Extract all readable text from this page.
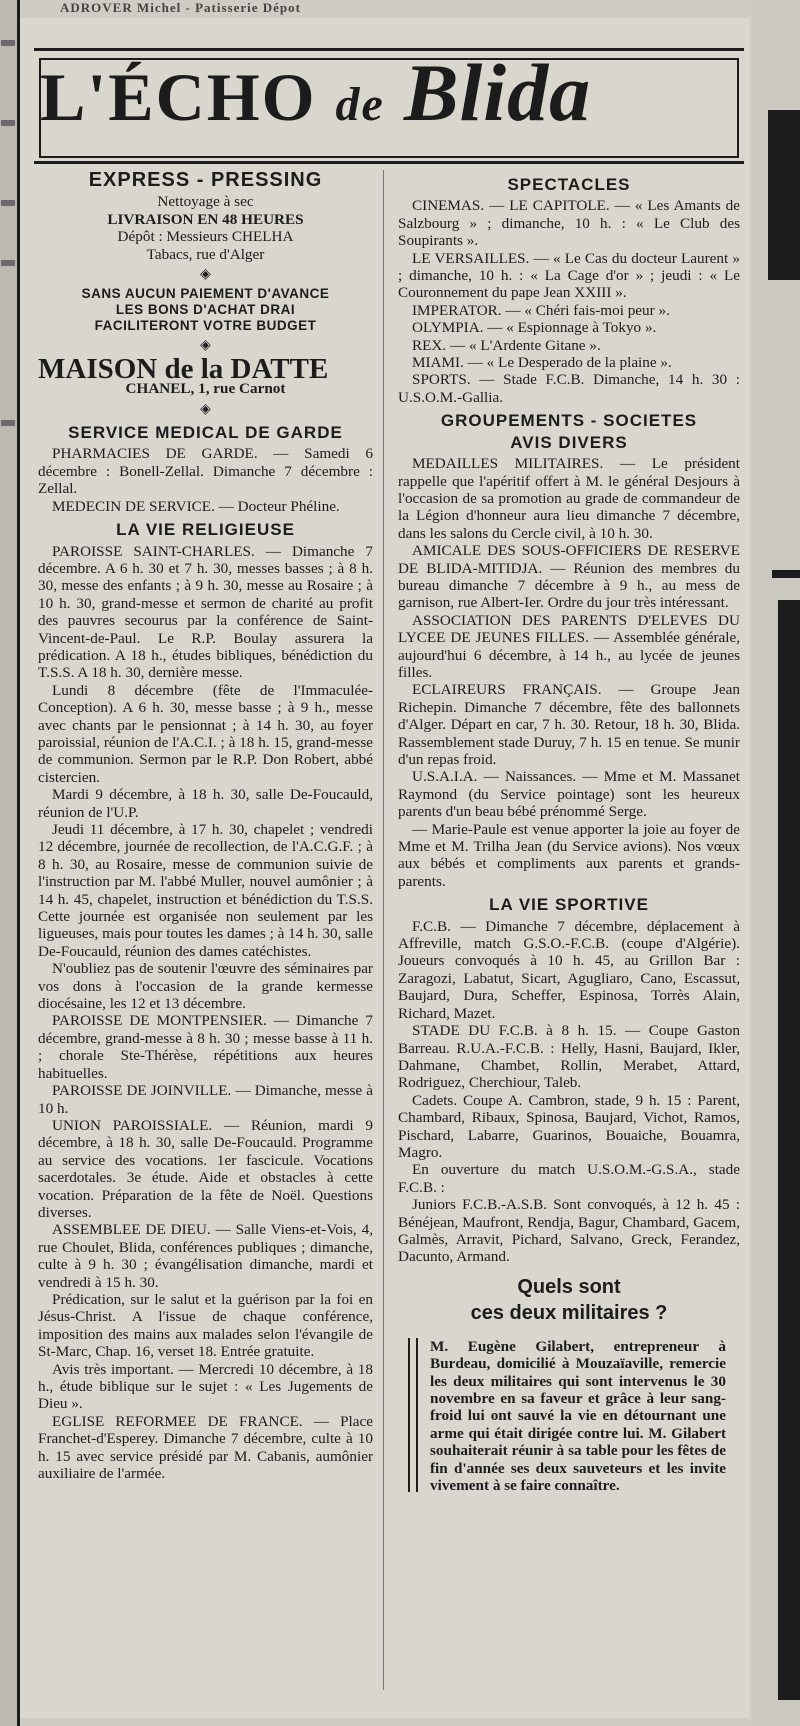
ADROVER Michel - Patisserie Dépot
L'ÉCHO de Blida
EXPRESS - PRESSING
Nettoyage à sec
LIVRAISON EN 48 HEURES
Dépôt : Messieurs CHELHA
Tabacs, rue d'Alger
◈
SANS AUCUN PAIEMENT D'AVANCE
LES BONS D'ACHAT DRAI
FACILITERONT VOTRE BUDGET
◈
MAISON de la DATTE
CHANEL, 1, rue Carnot
◈
SERVICE MEDICAL DE GARDE

PHARMACIES DE GARDE. — Samedi 6 décembre : Bonell-Zellal. Dimanche 7 décembre : Zellal.

MEDECIN DE SERVICE. — Docteur Phéline.

LA VIE RELIGIEUSE

PAROISSE SAINT-CHARLES. — Dimanche 7 décembre. A 6 h. 30 et 7 h. 30, messes basses ; à 8 h. 30, messe des enfants ; à 9 h. 30, messe au Rosaire ; à 10 h. 30, grand-messe et sermon de charité au profit des pauvres secourus par la conférence de Saint-Vincent-de-Paul. Le R.P. Boulay assurera la prédication. A 18 h., études bibliques, bénédiction du T.S.S. A 18 h. 30, dernière messe.

Lundi 8 décembre (fête de l'Immaculée-Conception). A 6 h. 30, messe basse ; à 9 h., messe avec chants par le pensionnat ; à 14 h. 30, au foyer paroissial, réunion de l'A.C.I. ; à 18 h. 15, grand-messe de communion. Sermon par le R.P. Don Robert, abbé cistercien.

Mardi 9 décembre, à 18 h. 30, salle De-Foucauld, réunion de l'U.P.

Jeudi 11 décembre, à 17 h. 30, chapelet ; vendredi 12 décembre, journée de recollection, de l'A.C.G.F. ; à 8 h. 30, au Rosaire, messe de communion suivie de l'instruction par M. l'abbé Muller, nouvel aumônier ; à 14 h. 45, chapelet, instruction et bénédiction du T.S.S. Cette journée est organisée non seulement par les ligueuses, mais pour toutes les dames ; à 14 h. 30, salle De-Foucauld, réunion des dames catéchistes.

N'oubliez pas de soutenir l'œuvre des séminaires par vos dons à l'occasion de la grande kermesse diocésaine, les 12 et 13 décembre.

PAROISSE DE MONTPENSIER. — Dimanche 7 décembre, grand-messe à 8 h. 30 ; messe basse à 11 h. ; chorale Ste-Thérèse, répétitions aux heures habituelles.

PAROISSE DE JOINVILLE. — Dimanche, messe à 10 h.

UNION PAROISSIALE. — Réunion, mardi 9 décembre, à 18 h. 30, salle De-Foucauld. Programme au service des vocations. 1er fascicule. Vocations sacerdotales. 3e étude. Aide et obstacles à cette vocation. Préparation de la fête de Noël. Questions diverses.

ASSEMBLEE DE DIEU. — Salle Viens-et-Vois, 4, rue Choulet, Blida, conférences publiques ; dimanche, culte à 9 h. 30 ; évangélisation dimanche, mardi et vendredi à 15 h. 30.

Prédication, sur le salut et la guérison par la foi en Jésus-Christ. A l'issue de chaque conférence, imposition des mains aux malades selon l'évangile de St-Marc, Chap. 16, verset 18. Entrée gratuite.

Avis très important. — Mercredi 10 décembre, à 18 h., étude biblique sur le sujet : « Les Jugements de Dieu ».

EGLISE REFORMEE DE FRANCE. — Place Franchet-d'Esperey. Dimanche 7 décembre, culte à 10 h. 15 avec service présidé par M. Cabanis, aumônier auxiliaire de l'armée.

SPECTACLES

CINEMAS. — LE CAPITOLE. — « Les Amants de Salzbourg » ; dimanche, 10 h. : « Le Club des Soupirants ».

LE VERSAILLES. — « Le Cas du docteur Laurent » ; dimanche, 10 h. : « La Cage d'or » ; jeudi : « Le Couronnement du pape Jean XXIII ».

IMPERATOR. — « Chéri fais-moi peur ».

OLYMPIA. — « Espionnage à Tokyo ».

REX. — « L'Ardente Gitane ».

MIAMI. — « Le Desperado de la plaine ».

SPORTS. — Stade F.C.B. Dimanche, 14 h. 30 : U.S.O.M.-Gallia.

GROUPEMENTS - SOCIETES
AVIS DIVERS

MEDAILLES MILITAIRES. — Le président rappelle que l'apéritif offert à M. le général Desjours à l'occasion de sa promotion au grade de commandeur de la Légion d'honneur aura lieu dimanche 7 décembre, dans les salons du Cercle civil, à 10 h. 30.

AMICALE DES SOUS-OFFICIERS DE RESERVE DE BLIDA-MITIDJA. — Réunion des membres du bureau dimanche 7 décembre à 9 h., au mess de garnison, rue Albert-Ier. Ordre du jour très intéressant.

ASSOCIATION DES PARENTS D'ELEVES DU LYCEE DE JEUNES FILLES. — Assemblée générale, aujourd'hui 6 décembre, à 14 h., au lycée de jeunes filles.

ECLAIREURS FRANÇAIS. — Groupe Jean Richepin. Dimanche 7 décembre, fête des ballonnets d'Alger. Départ en car, 7 h. 30. Retour, 18 h. 30, Blida. Rassemblement stade Duruy, 7 h. 15 en tenue. Se munir d'un repas froid.

U.S.A.I.A. — Naissances. — Mme et M. Massanet Raymond (du Service pointage) sont les heureux parents d'un beau bébé prénommé Serge.

— Marie-Paule est venue apporter la joie au foyer de Mme et M. Trilha Jean (du Service avions). Nos vœux aux bébés et compliments aux parents et grands-parents.

LA VIE SPORTIVE

F.C.B. — Dimanche 7 décembre, déplacement à Affreville, match G.S.O.-F.C.B. (coupe d'Algérie). Joueurs convoqués à 10 h. 45, au Grillon Bar : Zaragozi, Labatut, Sicart, Agugliaro, Cano, Escassut, Baujard, Dura, Scheffer, Espinosa, Torrès Alain, Richard, Mazet.

STADE DU F.C.B. à 8 h. 15. — Coupe Gaston Barreau. R.U.A.-F.C.B. : Helly, Hasni, Baujard, Ikler, Dahmane, Chambet, Rollin, Merabet, Attard, Rodriguez, Cherchiour, Taleb.

Cadets. Coupe A. Cambron, stade, 9 h. 15 : Parent, Chambard, Ribaux, Spinosa, Baujard, Vichot, Ramos, Pischard, Labarre, Guarinos, Bouaiche, Bouamra, Magro.

En ouverture du match U.S.O.M.-G.S.A., stade F.C.B. :

Juniors F.C.B.-A.S.B. Sont convoqués, à 12 h. 45 : Bénéjean, Maufront, Rendja, Bagur, Chambard, Gacem, Galmès, Arravit, Pichard, Salvano, Greck, Ferandez, Dacunto, Armand.

Quels sont
ces deux militaires ?

M. Eugène Gilabert, entrepreneur à Burdeau, domicilié à Mouzaïaville, remercie les deux militaires qui sont intervenus le 30 novembre en sa faveur et grâce à leur sang-froid lui ont sauvé la vie en détournant une arme qui était dirigée contre lui. M. Gilabert souhaiterait réunir à sa table pour les fêtes de fin d'année ses deux sauveteurs et les invite vivement à se faire connaître.
